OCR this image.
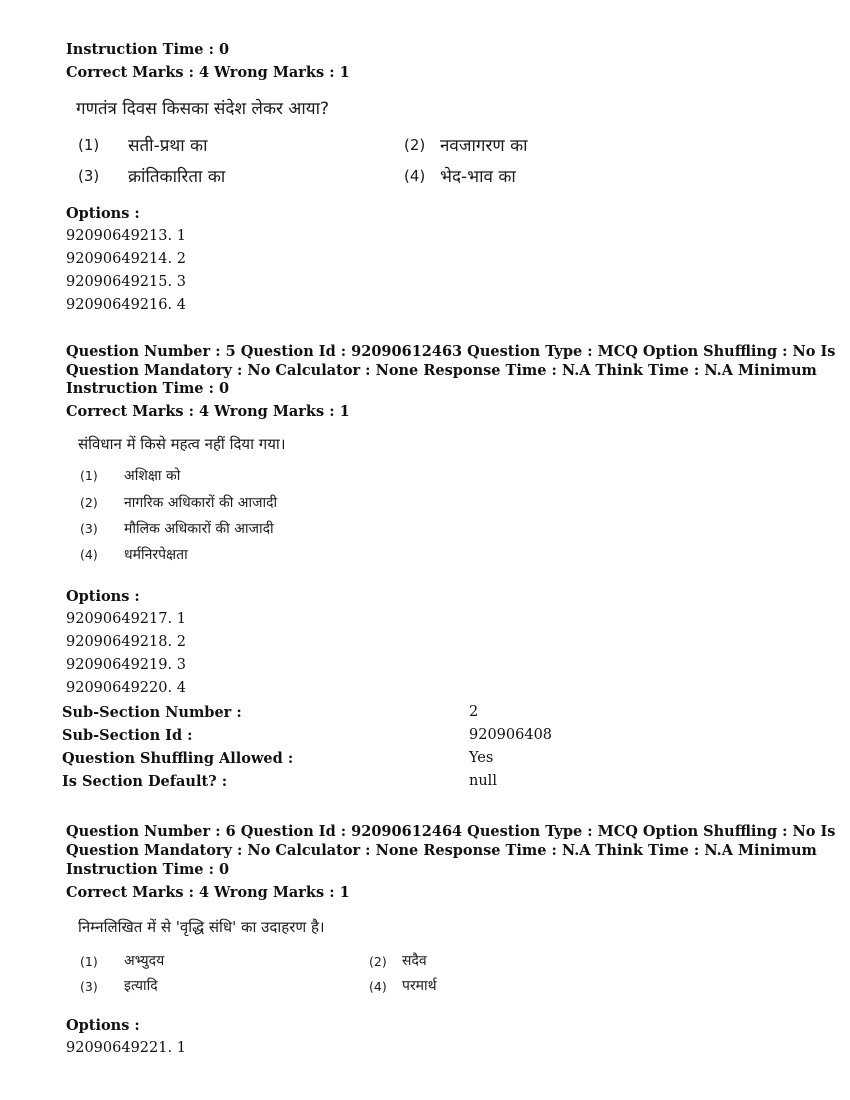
Instruction Time : 0
Correct Marks : 4 Wrong Marks : 1
गणतंत्र दिवस किसका संदेश लेकर आया?
(1) सती-प्रथा का	(2) नवजागरण का
(3) क्रांतिकारिता का	(4) भेद-भाव का
Options :
92090649213. 1
92090649214. 2
92090649215. 3
92090649216. 4
Question Number : 5 Question Id : 92090612463 Question Type : MCQ Option Shuffling : No Is
Question Mandatory : No Calculator : None Response Time : N.A Think Time : N.A Minimum
Instruction Time : 0
Correct Marks : 4 Wrong Marks : 1
संविधान में किसे महत्व नहीं दिया गया।
(1) अशिक्षा को
(2) नागरिक अधिकारों की आजादी
(3) मौलिक अधिकारों की आजादी
(4) धर्मनिरपेक्षता
Options :
92090649217. 1
92090649218. 2
92090649219. 3
92090649220. 4
Sub-Section Number :	2
Sub-Section Id :	920906408
Question Shuffling Allowed :	Yes
Is Section Default? :	null
Question Number : 6 Question Id : 92090612464 Question Type : MCQ Option Shuffling : No Is
Question Mandatory : No Calculator : None Response Time : N.A Think Time : N.A Minimum
Instruction Time : 0
Correct Marks : 4 Wrong Marks : 1
निम्नलिखित में से 'वृद्धि संधि' का उदाहरण है।
(1) अभ्युदय	(2) सदैव
(3) इत्यादि	(4) परमार्थ
Options :
92090649221. 1
